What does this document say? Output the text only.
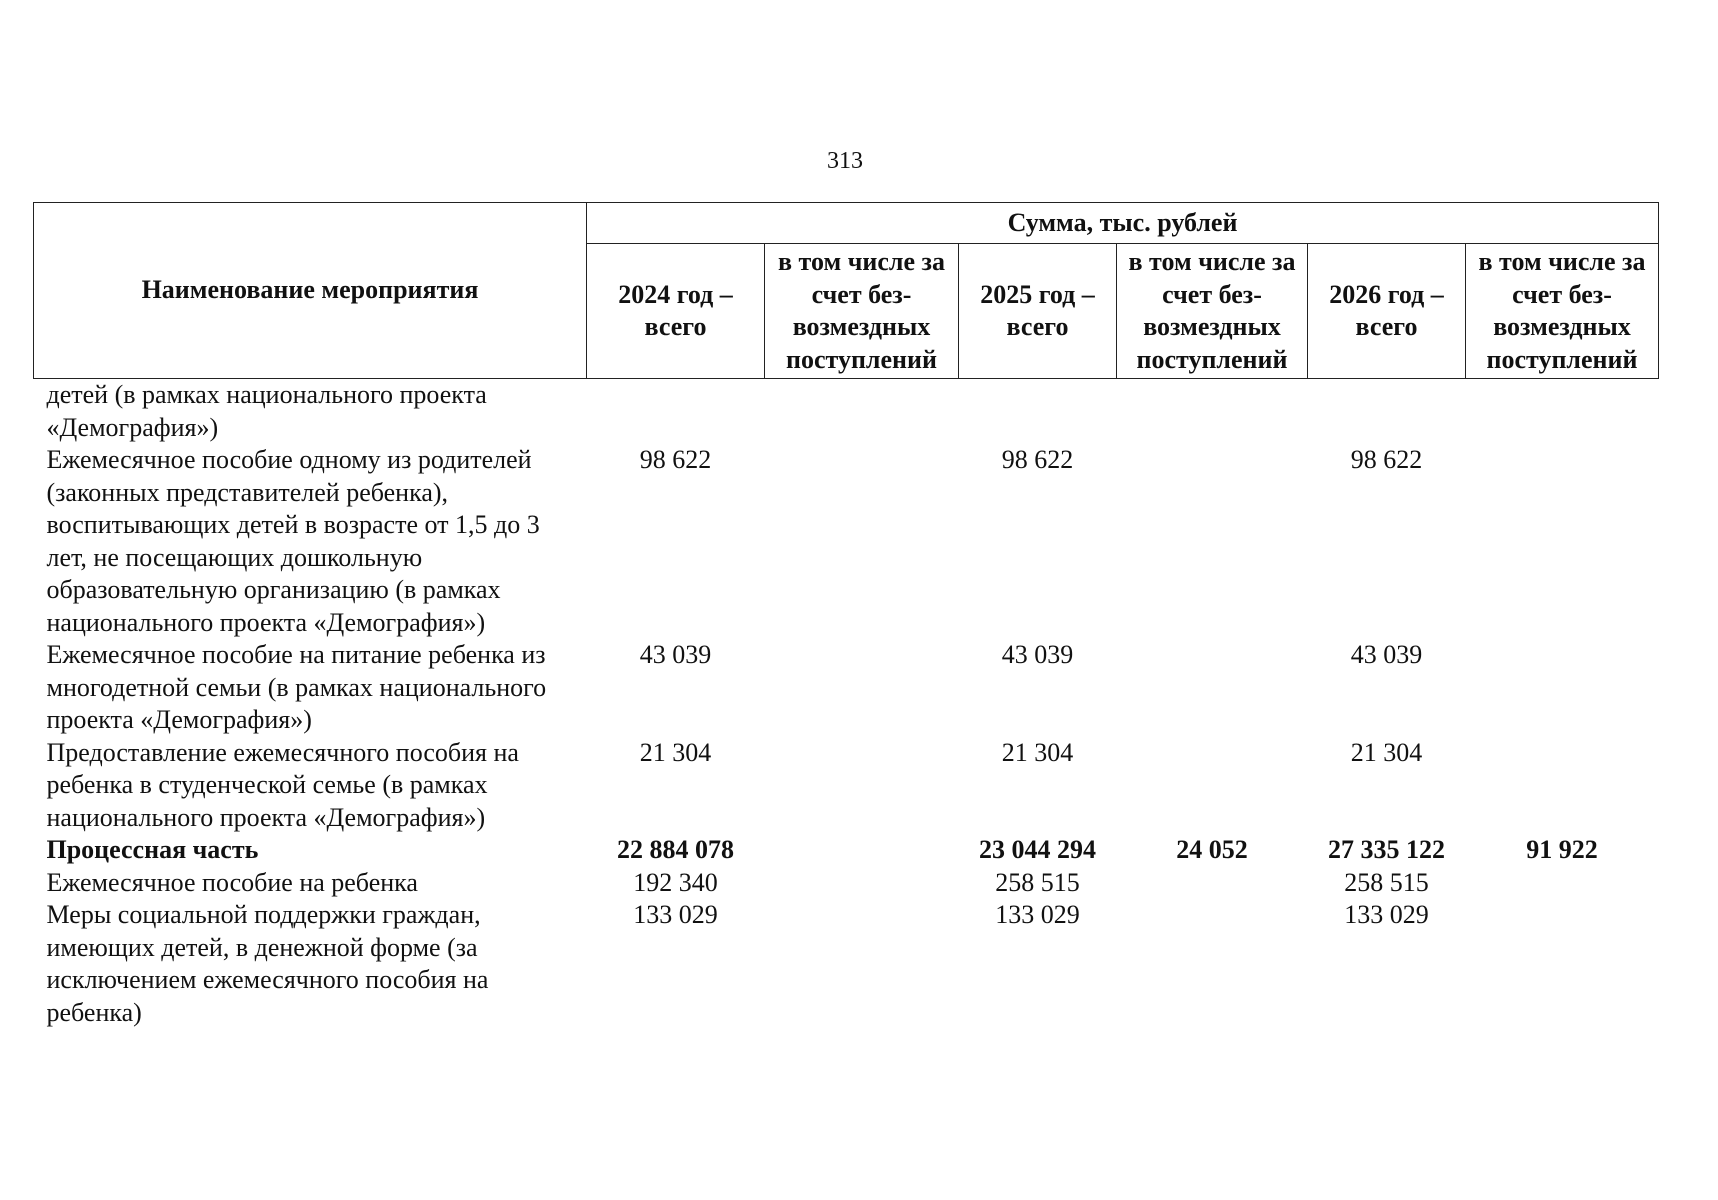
313
Наименование мероприятия	Сумма, тыс. рублей					
	2024 год – всего	в том числе за счет без-возмездных поступлений	2025 год – всего	в том числе за счет без-возмездных поступлений	2026 год – всего	в том числе за счет без-возмездных поступлений
детей (в рамках национального проекта «Демография»)						
Ежемесячное пособие одному из родителей (законных представителей ребенка), воспитывающих детей в возрасте от 1,5 до 3 лет, не посещающих дошкольную образовательную организацию (в рамках национального проекта «Демография»)	98 622		98 622		98 622	
Ежемесячное пособие на питание ребенка из многодетной семьи (в рамках национального проекта «Демография»)	43 039		43 039		43 039	
Предоставление ежемесячного пособия на ребенка в студенческой семье (в рамках национального проекта «Демография»)	21 304		21 304		21 304	
Процессная часть	22 884 078		23 044 294	24 052	27 335 122	91 922
Ежемесячное пособие на ребенка	192 340		258 515		258 515	
Меры социальной поддержки граждан, имеющих детей, в денежной форме (за исключением ежемесячного пособия на ребенка)	133 029		133 029		133 029	
